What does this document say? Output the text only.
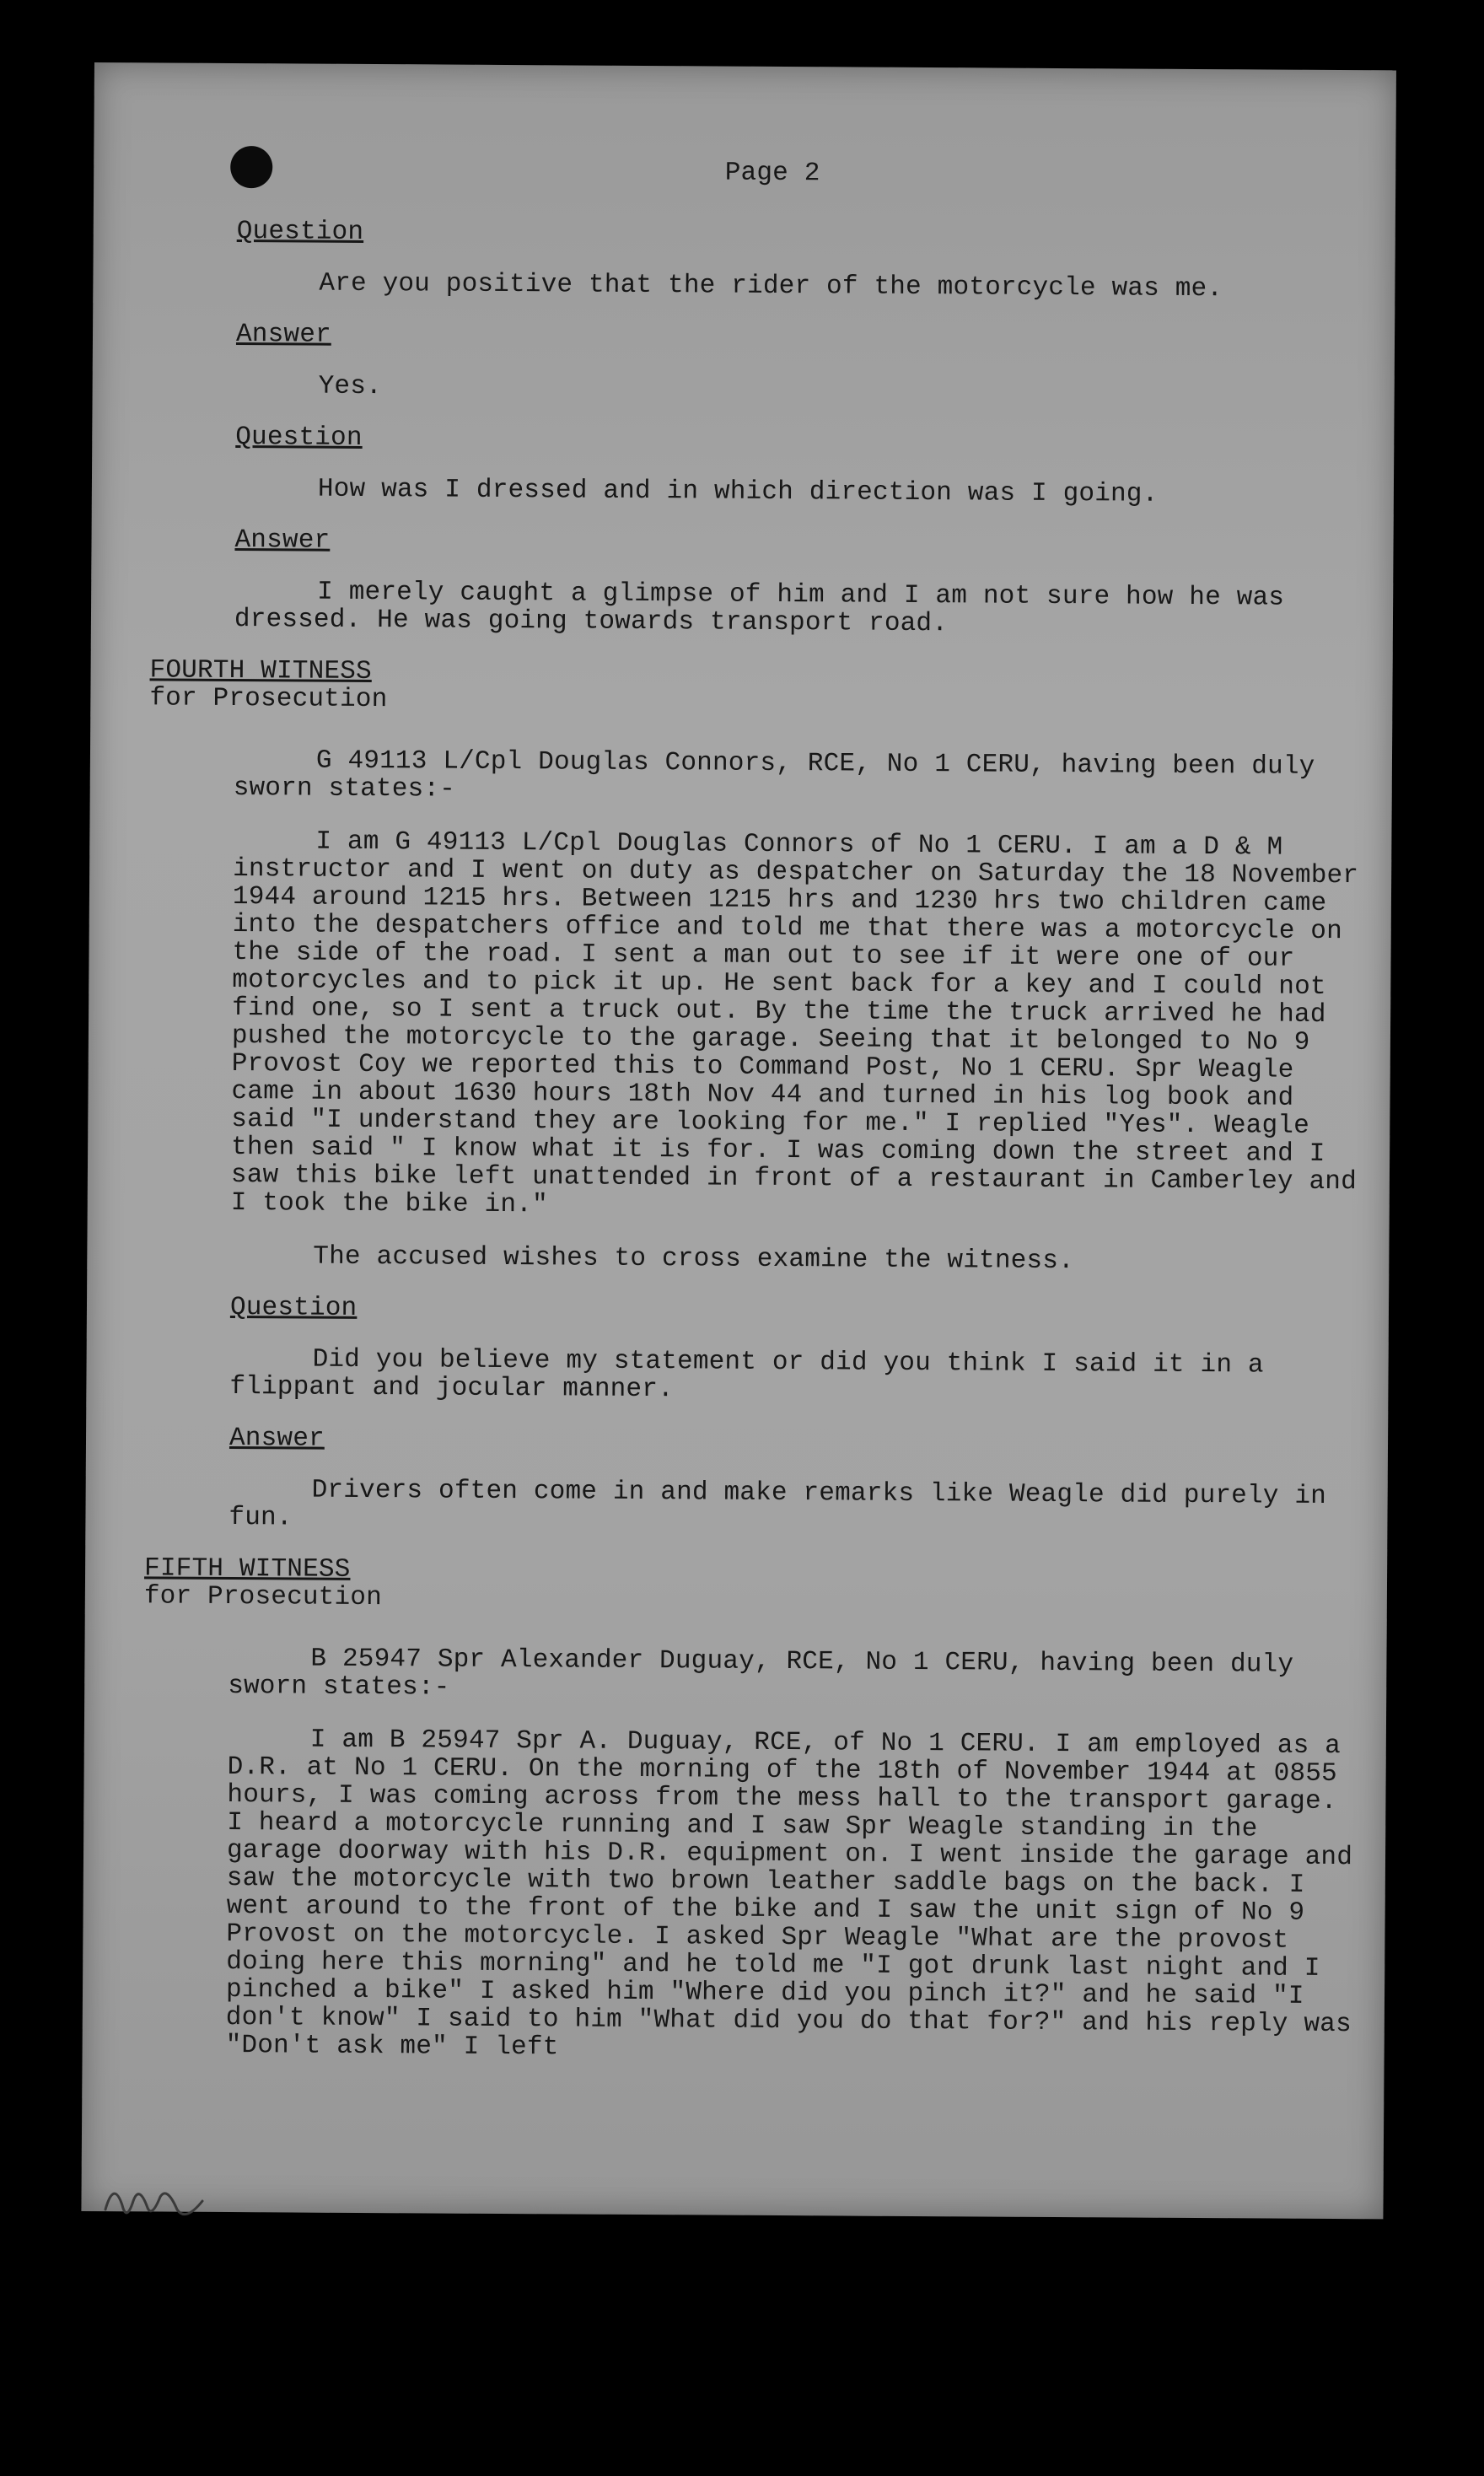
Page 2
Question
Are you positive that the rider of the motorcycle was me.
Answer
Yes.
Question
How was I dressed and in which direction was I going.
Answer
I merely caught a glimpse of him and I am not sure how he was dressed. He was going towards transport road.
FOURTH WITNESS
for Prosecution
G 49113 L/Cpl Douglas Connors, RCE, No 1 CERU, having been duly sworn states:-
I am G 49113 L/Cpl Douglas Connors of No 1 CERU. I am a D & M instructor and I went on duty as despatcher on Saturday the 18 November 1944 around 1215 hrs. Between 1215 hrs and 1230 hrs two children came into the despatchers office and told me that there was a motorcycle on the side of the road. I sent a man out to see if it were one of our motorcycles and to pick it up. He sent back for a key and I could not find one, so I sent a truck out. By the time the truck arrived he had pushed the motorcycle to the garage. Seeing that it belonged to No 9 Provost Coy we reported this to Command Post, No 1 CERU. Spr Weagle came in about 1630 hours 18th Nov 44 and turned in his log book and said "I understand they are looking for me." I replied "Yes". Weagle then said " I know what it is for. I was coming down the street and I saw this bike left unattended in front of a restaurant in Camberley and I took the bike in."
The accused wishes to cross examine the witness.
Question
Did you believe my statement or did you think I said it in a flippant and jocular manner.
Answer
Drivers often come in and make remarks like Weagle did purely in fun.
FIFTH WITNESS
for Prosecution
B 25947 Spr Alexander Duguay, RCE, No 1 CERU, having been duly sworn states:-
I am B 25947 Spr A. Duguay, RCE, of No 1 CERU. I am employed as a D.R. at No 1 CERU. On the morning of the 18th of November 1944 at 0855 hours, I was coming across from the mess hall to the transport garage. I heard a motorcycle running and I saw Spr Weagle standing in the garage doorway with his D.R. equipment on. I went inside the garage and saw the motorcycle with two brown leather saddle bags on the back. I went around to the front of the bike and I saw the unit sign of No 9 Provost on the motorcycle. I asked Spr Weagle "What are the provost doing here this morning" and he told me "I got drunk last night and I pinched a bike" I asked him "Where did you pinch it?" and he said "I don't know" I said to him "What did you do that for?" and his reply was "Don't ask me" I left
